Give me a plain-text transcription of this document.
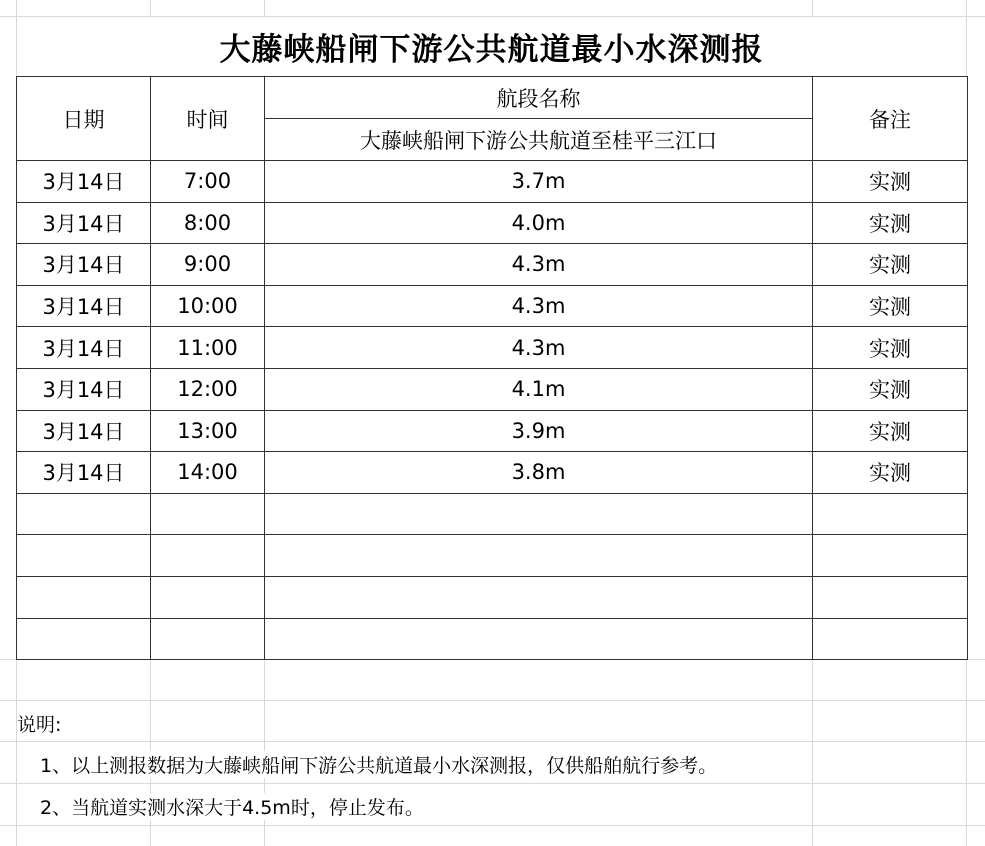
大藤峡船闸下游公共航道最小水深测报
日期	时间	航段名称	备注
		大藤峡船闸下游公共航道至桂平三江口	
3月14日	7:00	3.7m	实测
3月14日	8:00	4.0m	实测
3月14日	9:00	4.3m	实测
3月14日	10:00	4.3m	实测
3月14日	11:00	4.3m	实测
3月14日	12:00	4.1m	实测
3月14日	13:00	3.9m	实测
3月14日	14:00	3.8m	实测

说明:
1、以上测报数据为大藤峡船闸下游公共航道最小水深测报，仅供船舶航行参考。
2、当航道实测水深大于4.5m时，停止发布。
